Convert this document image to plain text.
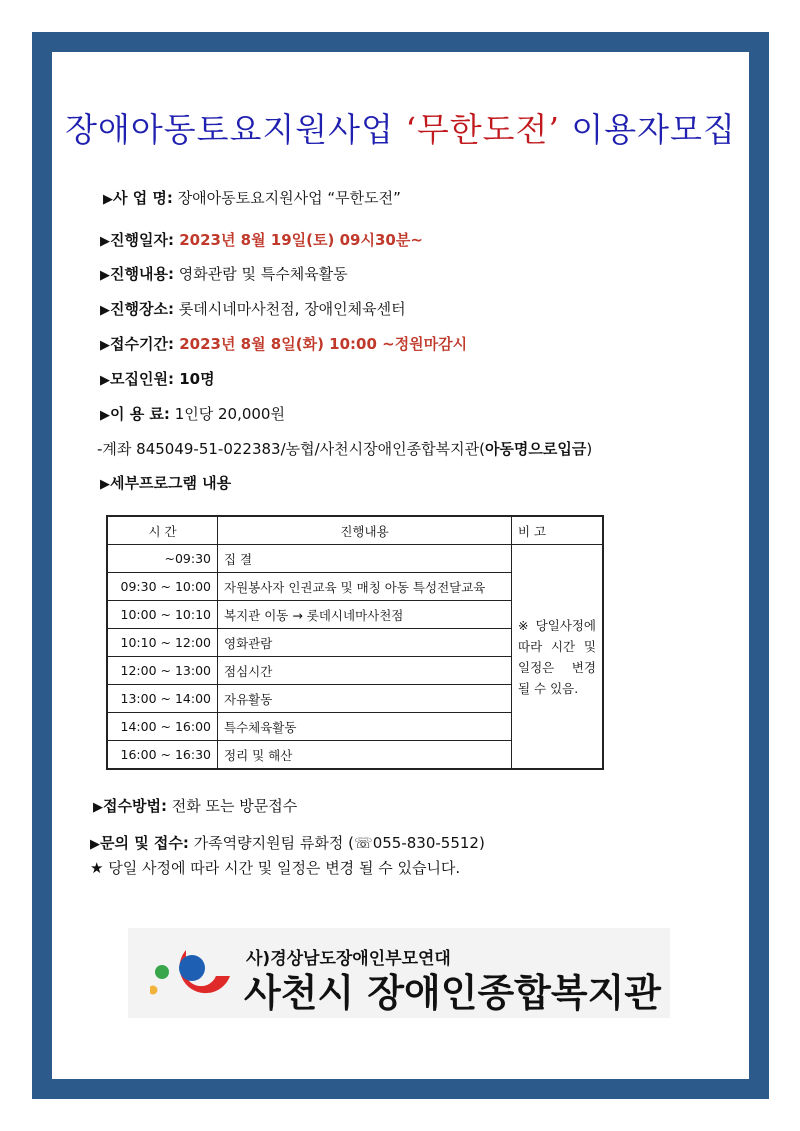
장애아동토요지원사업 ‘무한도전’ 이용자모집
▶사 업 명: 장애아동토요지원사업 “무한도전”
▶진행일자: 2023년 8월 19일(토) 09시30분~
▶진행내용: 영화관람 및 특수체육활동
▶진행장소: 롯데시네마사천점, 장애인체육센터
▶접수기간: 2023년 8월 8일(화) 10:00 ~정원마감시
▶모집인원: 10명
▶이 용 료: 1인당 20,000원
-계좌 845049-51-022383/농협/사천시장애인종합복지관(아동명으로입금)
▶세부프로그램 내용
시 간	진행내용	비 고
~09:30	집 결	※당일사정에 따라 시간 및 일정은 변경 될 수 있음.
09:30 ~ 10:00	자원봉사자 인권교육 및 매칭 아동 특성전달교육	
10:00 ~ 10:10	복지관 이동 → 롯데시네마사천점	
10:10 ~ 12:00	영화관람	
12:00 ~ 13:00	점심시간	
13:00 ~ 14:00	자유활동	
14:00 ~ 16:00	특수체육활동	
16:00 ~ 16:30	정리 및 해산	
▶접수방법: 전화 또는 방문접수
▶문의 및 접수: 가족역량지원팀 류화정 (☏055-830-5512)
★ 당일 사정에 따라 시간 및 일정은 변경 될 수 있습니다.
사)경상남도장애인부모연대
사천시 장애인종합복지관
